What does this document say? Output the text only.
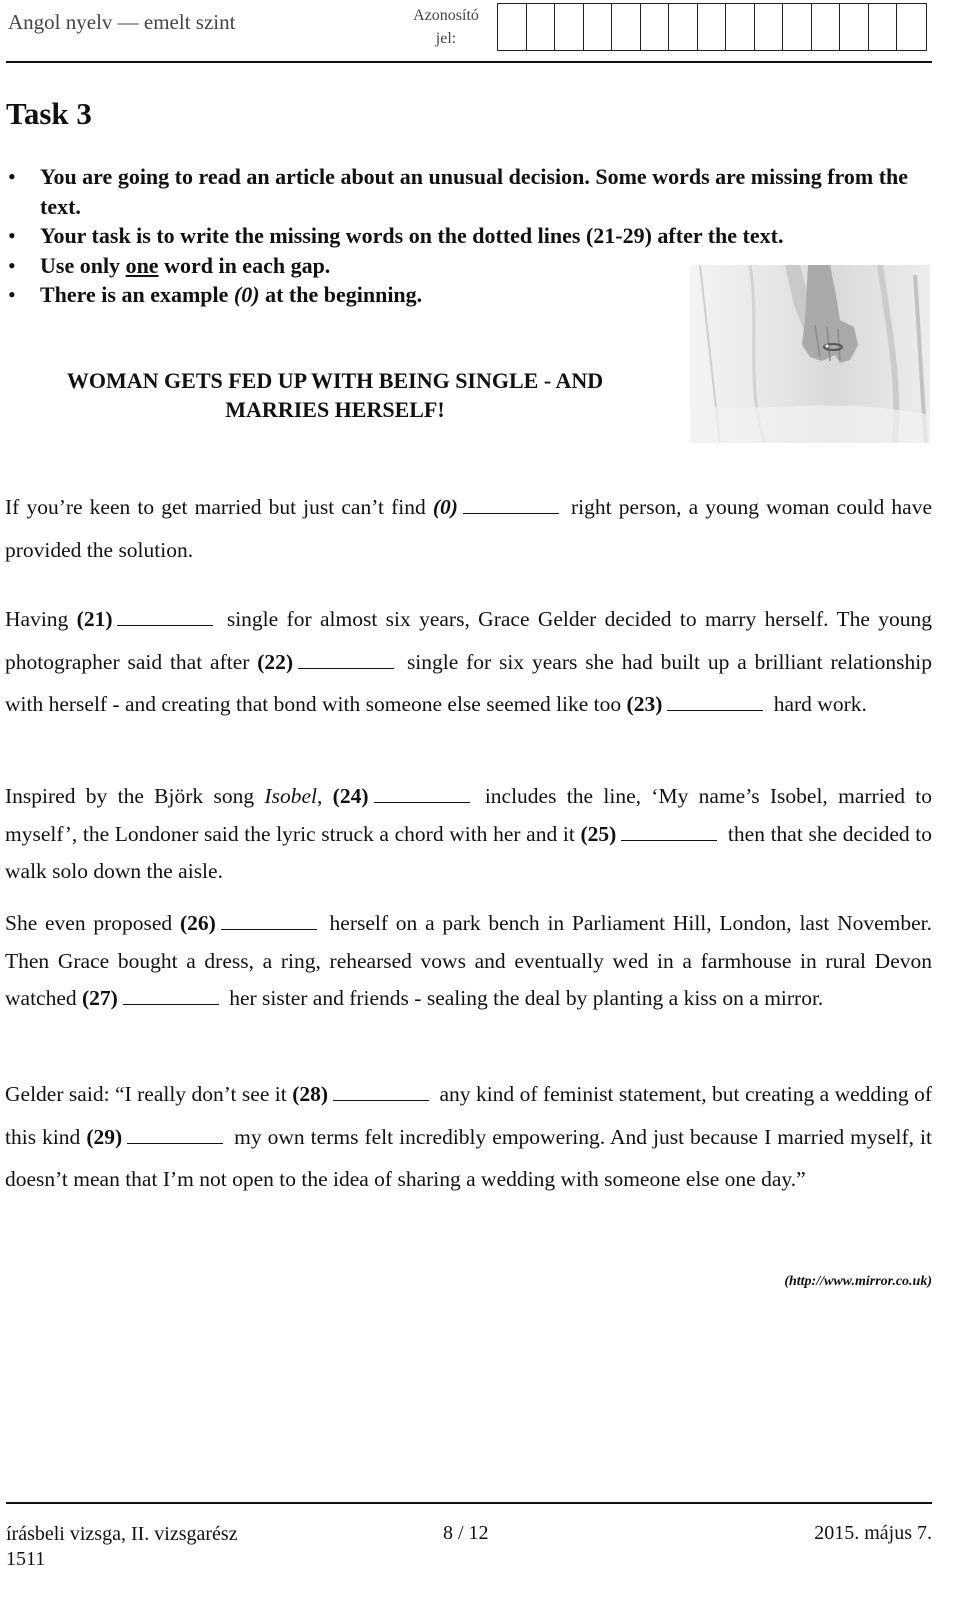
Angol nyelv — emelt szint	Azonosító jel:
Task 3
• You are going to read an article about an unusual decision. Some words are missing from the text.
• Your task is to write the missing words on the dotted lines (21-29) after the text.
• Use only one word in each gap.
• There is an example (0) at the beginning.
WOMAN GETS FED UP WITH BEING SINGLE - AND MARRIES HERSELF!
If you’re keen to get married but just can’t find (0)	right person, a young woman could have provided the solution.
Having (21)	single for almost six years, Grace Gelder decided to marry herself. The young photographer said that after (22)	single for six years she had built up a brilliant relationship with herself - and creating that bond with someone else seemed like too (23)	hard work.
Inspired by the Björk song Isobel, (24)	includes the line, ‘My name’s Isobel, married to myself’, the Londoner said the lyric struck a chord with her and it (25)	then that she decided to walk solo down the aisle.
She even proposed (26)	herself on a park bench in Parliament Hill, London, last November. Then Grace bought a dress, a ring, rehearsed vows and eventually wed in a farmhouse in rural Devon watched (27)	her sister and friends - sealing the deal by planting a kiss on a mirror.
Gelder said: “I really don’t see it (28)	any kind of feminist statement, but creating a wedding of this kind (29)	my own terms felt incredibly empowering. And just because I married myself, it doesn’t mean that I’m not open to the idea of sharing a wedding with someone else one day.”
(http://www.mirror.co.uk)
írásbeli vizsga, II. vizsgarész
1511
8 / 12	2015. május 7.
